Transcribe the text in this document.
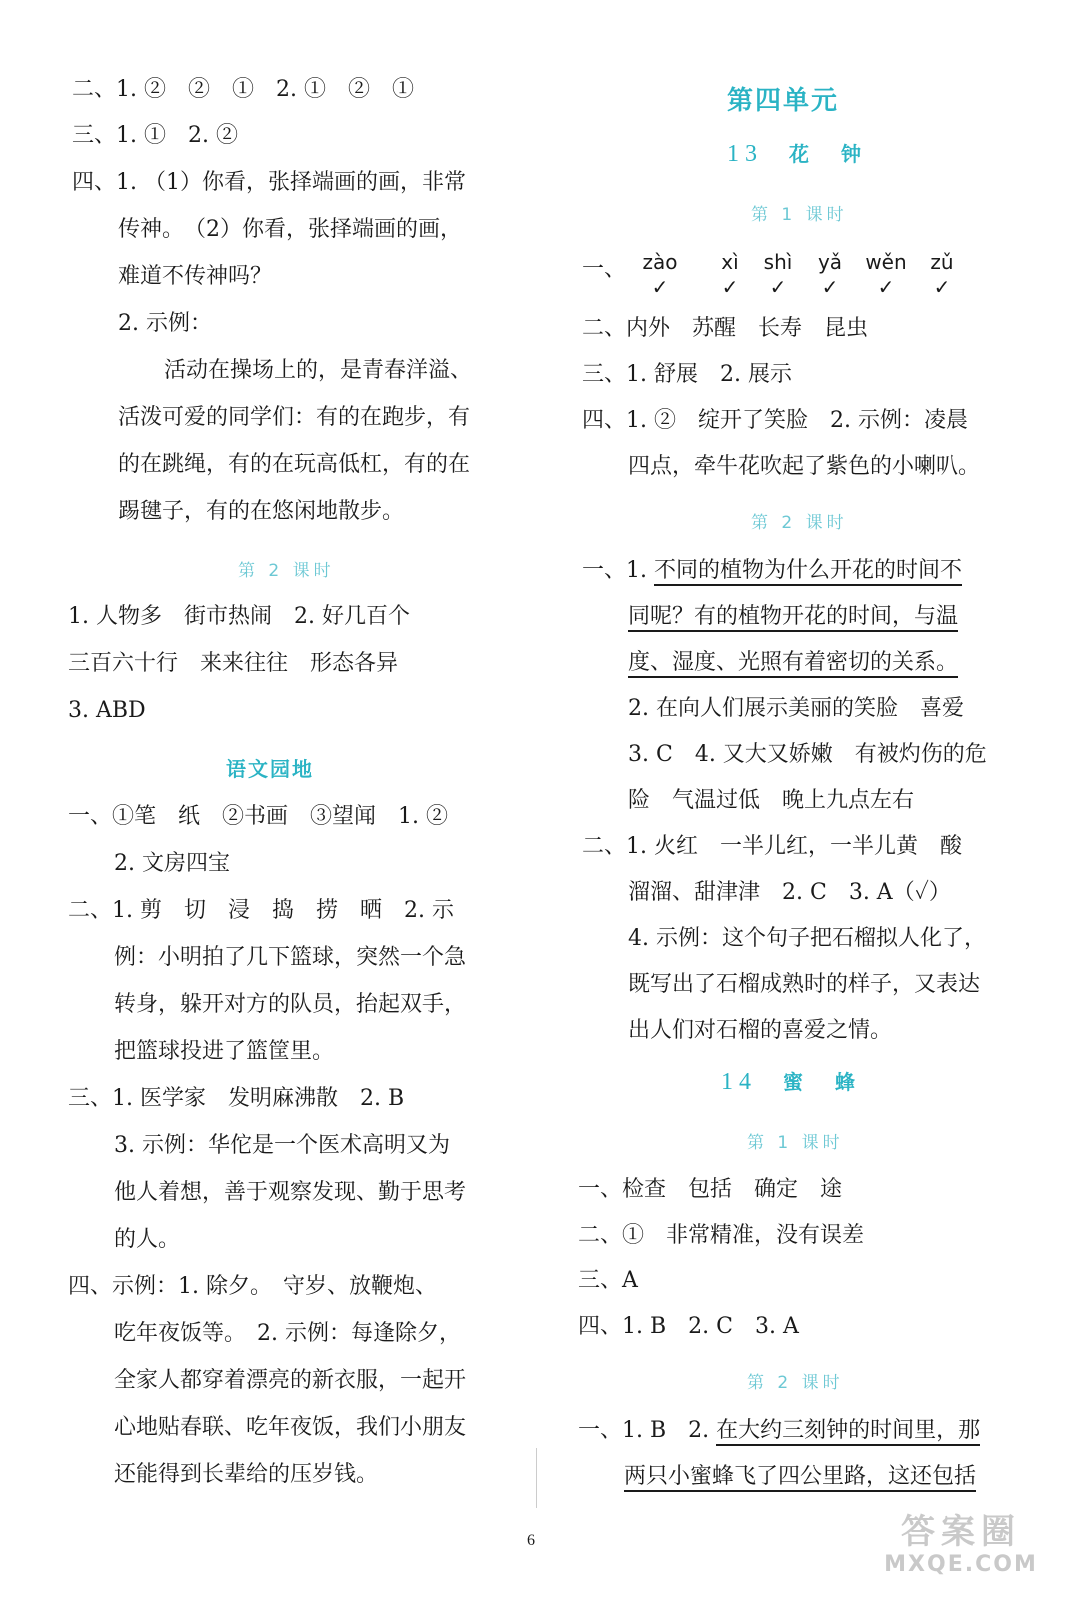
二、1. ②　②　①　2. ①　②　①
三、1. ①　2. ②
四、1. （1）你看，张择端画的画，非常
传神。　（2）你看，张择端画的画，
难道不传神吗？
2. 示例：
活动在操场上的，是青春洋溢、
活泼可爱的同学们：有的在跑步，有
的在跳绳，有的在玩高低杠，有的在
踢毽子，有的在悠闲地散步。
第 2 课时
1. 人物多　街市热闹　2. 好几百个
三百六十行　来来往往　形态各异
3. ABD
语文园地
一、①笔　纸　②书画　③望闻　1. ②
2. 文房四宝
二、1. 剪　切　浸　捣　捞　晒　2. 示
例：小明拍了几下篮球，突然一个急
转身，躲开对方的队员，抬起双手，
把篮球投进了篮筐里。
三、1. 医学家　发明麻沸散　2. B
3. 示例：华佗是一个医术高明又为
他人着想，善于观察发现、勤于思考
的人。
四、示例：1. 除夕。　守岁、放鞭炮、
吃年夜饭等。　2. 示例：每逢除夕，
全家人都穿着漂亮的新衣服，一起开
心地贴春联、吃年夜饭，我们小朋友
还能得到长辈给的压岁钱。
第四单元
13 花　钟
第 1 课时
一、 zào
✓
xì
✓
shì
✓
yǎ
✓
wěn
✓
zǔ
✓
二、内外　苏醒　长寿　昆虫
三、1. 舒展　2. 展示
四、1. ②　绽开了笑脸　2. 示例：凌晨
四点，牵牛花吹起了紫色的小喇叭。
第 2 课时
一、1. 不同的植物为什么开花的时间不
同呢？有的植物开花的时间，与温
度、湿度、光照有着密切的关系。
2. 在向人们展示美丽的笑脸　喜爱
3. C　4. 又大又娇嫩　有被灼伤的危
险　气温过低　晚上九点左右
二、1. 火红　一半儿红，一半儿黄　酸
溜溜、甜津津　2. C　3. A（✓）
4. 示例：这个句子把石榴拟人化了，
既写出了石榴成熟时的样子，又表达
出人们对石榴的喜爱之情。
14 蜜　蜂
第 1 课时
一、检查　包括　确定　途
二、①　非常精准，没有误差
三、A
四、1. B　2. C　3. A
第 2 课时
一、1. B　2. 在大约三刻钟的时间里，那
两只小蜜蜂飞了四公里路，这还包括
6	答案圈
MXQE.COM
